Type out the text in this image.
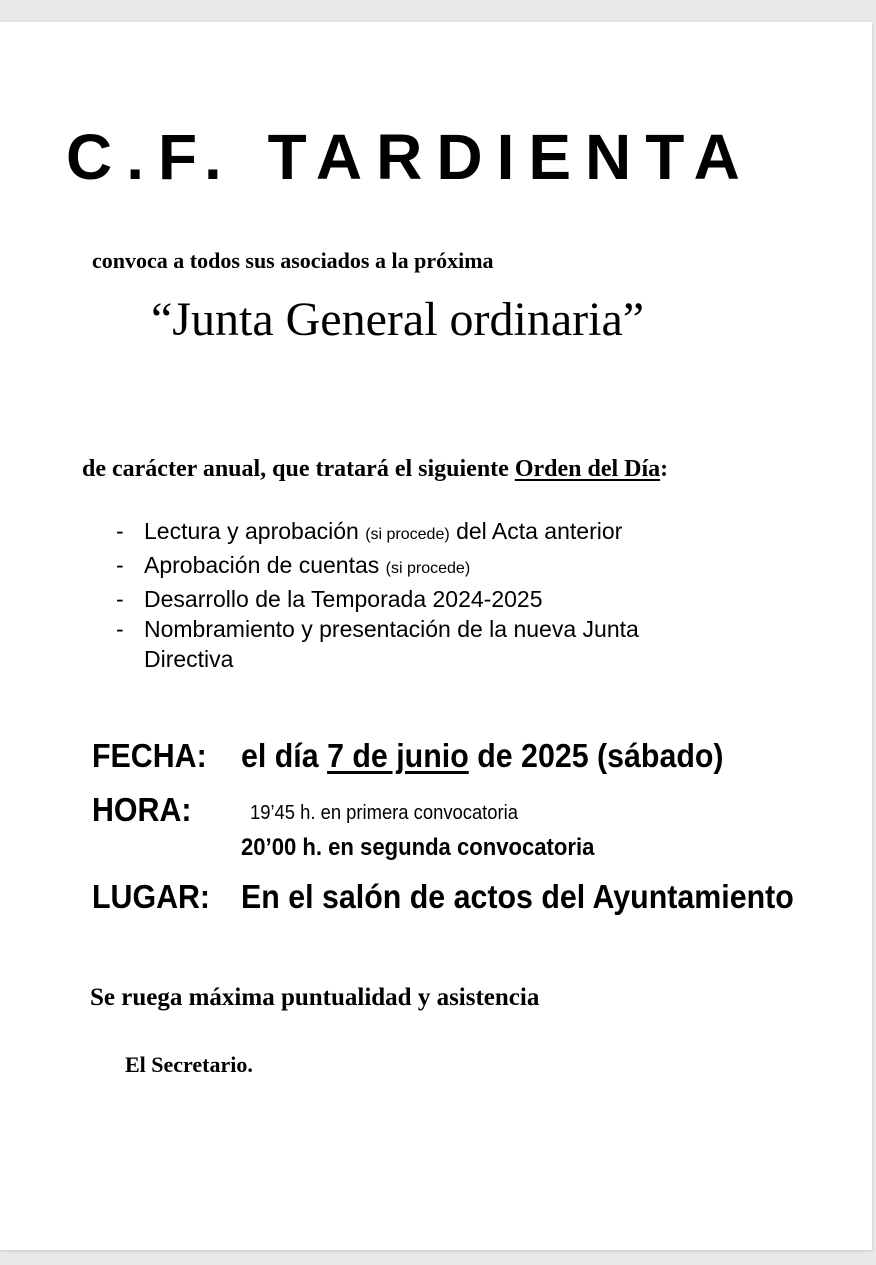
C.F. TARDIENTA
convoca a todos sus asociados a la próxima
“Junta General ordinaria”
de carácter anual, que tratará el siguiente Orden del Día:
- Lectura y aprobación (si procede) del Acta anterior
- Aprobación de cuentas (si procede)
- Desarrollo de la Temporada 2024-2025
- Nombramiento y presentación de la nueva Junta
Directiva
FECHA: el día 7 de junio de 2025 (sábado)
HORA:	19’45 h. en primera convocatoria
20’00 h. en segunda convocatoria
LUGAR: En el salón de actos del Ayuntamiento
Se ruega máxima puntualidad y asistencia
El Secretario.
